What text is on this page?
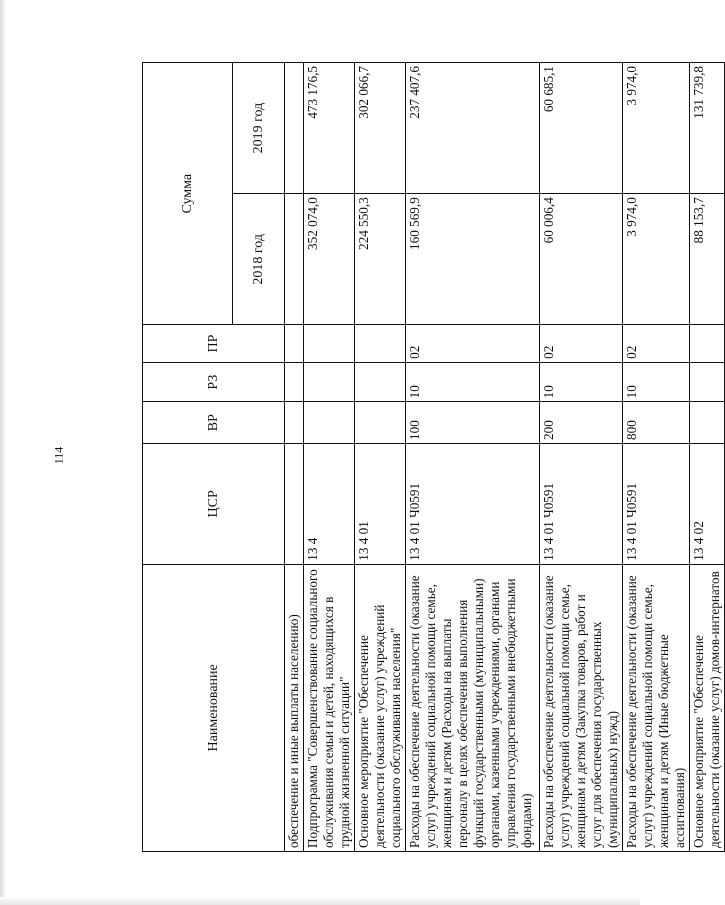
114
Наименование	ЦСР	ВР	РЗ	ПР	Сумма	
					2018 год	2019 год
обеспечение и иные выплаты населению)						
Подпрограмма "Совершенствование социального обслуживания семьи и детей, находящихся в трудной жизненной ситуации"	13 4				352 074,0	473 176,5
Основное мероприятие "Обеспечение деятельности (оказание услуг) учреждений социального обслуживания населения"	13 4 01				224 550,3	302 066,7
Расходы на обеспечение деятельности (оказание услуг) учреждений социальной помощи семье, женщинам и детям (Расходы на выплаты персоналу в целях обеспечения выполнения функций государственными (муниципальными) органами, казенными учреждениями, органами управления государственными внебюджетными фондами)	13 4 01 Ч0591	100	10	02	160 569,9	237 407,6
Расходы на обеспечение деятельности (оказание услуг) учреждений социальной помощи семье, женщинам и детям (Закупка товаров, работ и услуг для обеспечения государственных (муниципальных) нужд)	13 4 01 Ч0591	200	10	02	60 006,4	60 685,1
Расходы на обеспечение деятельности (оказание услуг) учреждений социальной помощи семье, женщинам и детям (Иные бюджетные ассигнования)	13 4 01 Ч0591	800	10	02	3 974,0	3 974,0
Основное мероприятие "Обеспечение деятельности (оказание услуг) домов-интернатов	13 4 02				88 153,7	131 739,8
